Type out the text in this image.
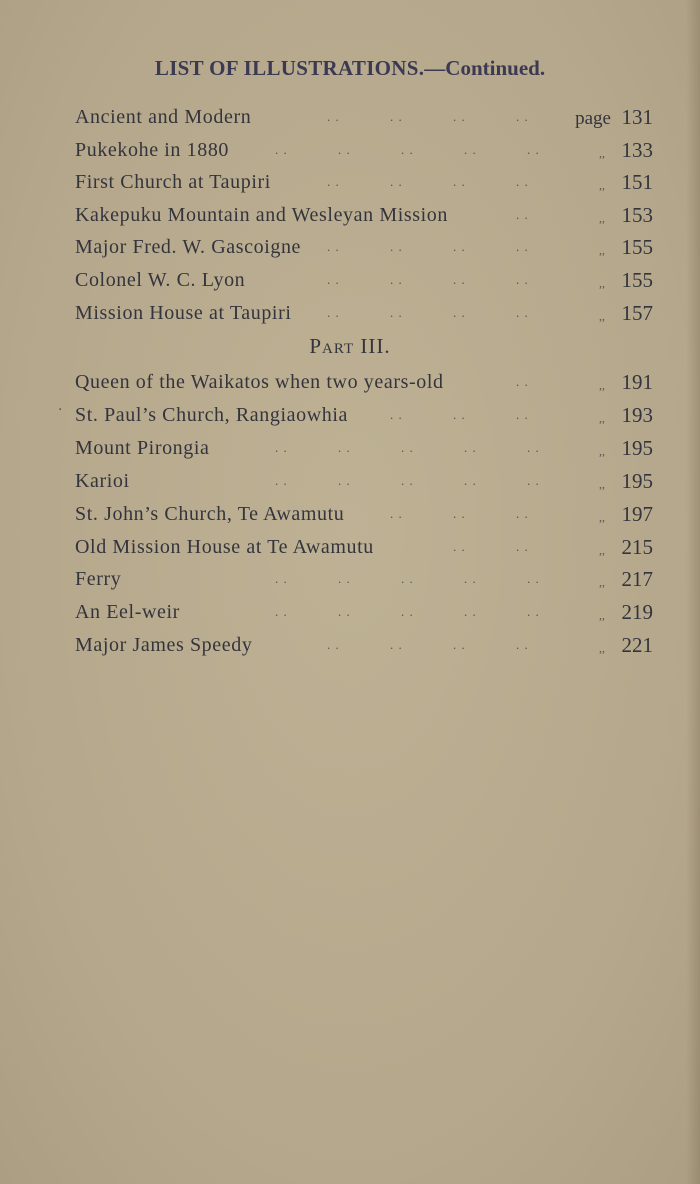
LIST OF ILLUSTRATIONS.—Continued.
Ancient and Modern	page 131
. .	. .	. .	. .
Pukekohe in 1880	,, 133
. .	. .	. .	. .	. .
First Church at Taupiri	,, 151
. .	. .	. .	. .
Kakepuku Mountain and Wesleyan Mission	,, 153
. .
Major Fred. W. Gascoigne	,, 155
. .	. .	. .	. .
Colonel W. C. Lyon	,, 155
. .	. .	. .	. .
Mission House at Taupiri	,, 157
. .	. .	. .	. .
Part III.
·
Queen of the Waikatos when two years-old	,, 191
. .
St. Paul’s Church, Rangiaowhia	,, 193
. .	. .	. .
Mount Pirongia	,, 195
. .	. .	. .	. .	. .
Karioi	,, 195
. .	. .	. .	. .	. .
St. John’s Church, Te Awamutu	,, 197
. .	. .	. .
Old Mission House at Te Awamutu	,, 215
. .	. .
Ferry	,, 217
. .	. .	. .	. .	. .
An Eel-weir	,, 219
. .	. .	. .	. .	. .
Major James Speedy	,, 221
. .	. .	. .	. .
